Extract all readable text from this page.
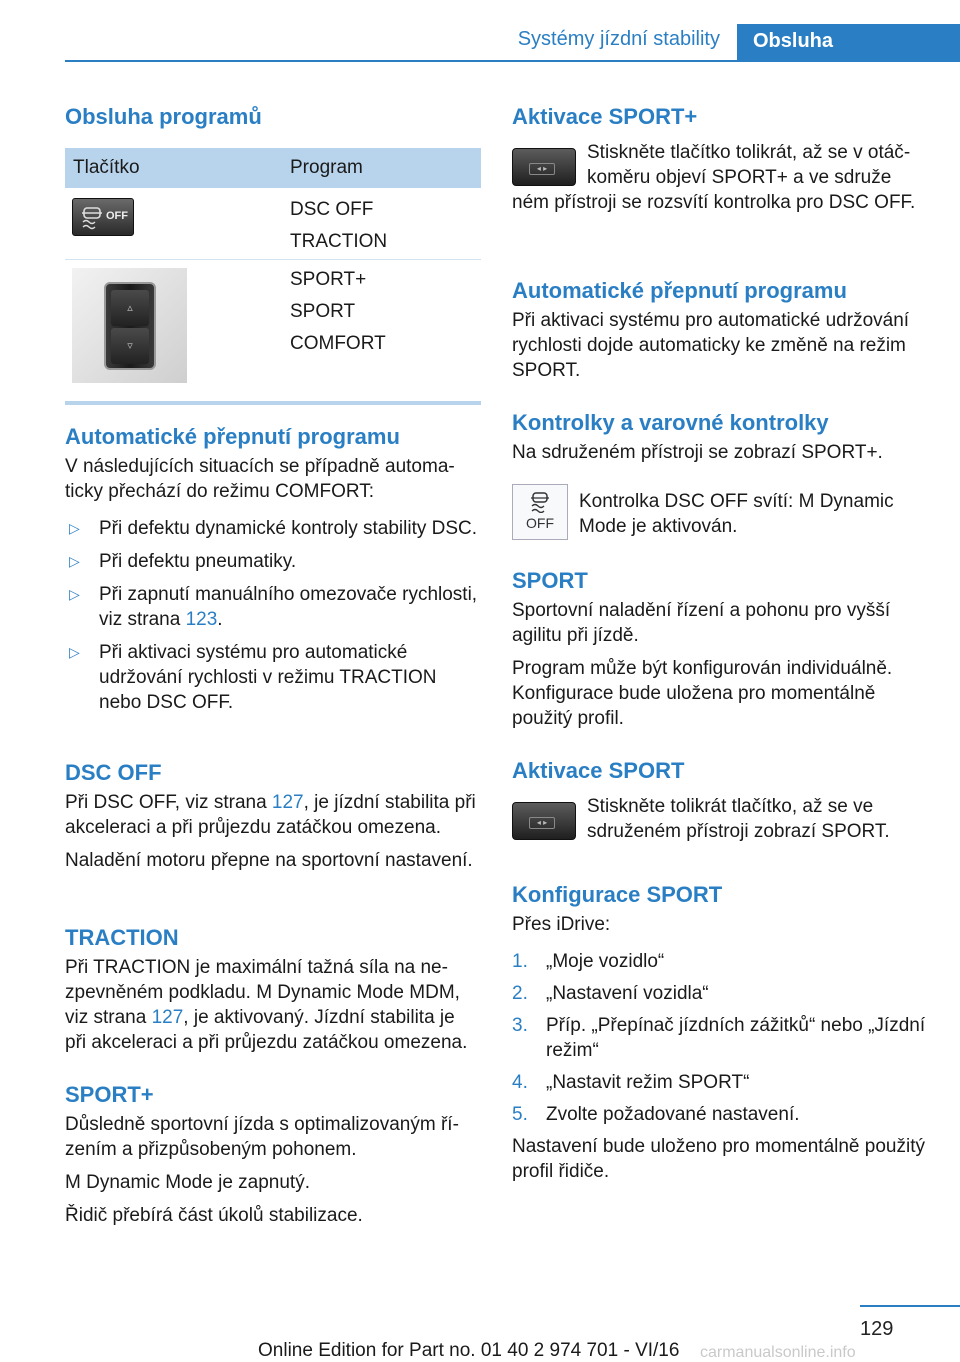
Systémy jízdní stability	Obsluha
Obsluha programů
Tlačítko	Program
OFF	DSC OFF
TRACTION
▵
▿
SPORT+
SPORT
COMFORT
Automatické přepnutí programu
V následujících situacích se případně automaticky přechází do režimu COMFORT:
▷ Při defektu dynamické kontroly stability DSC.
▷ Při defektu pneumatiky.
▷ Při zapnutí manuálního omezovače rychlosti, viz strana 123.
▷ Při aktivaci systému pro automatické udržování rychlosti v režimu TRACTION nebo DSC OFF.
DSC OFF
Při DSC OFF, viz strana 127, je jízdní stabilita při akceleraci a při průjezdu zatáčkou omezena.
Naladění motoru přepne na sportovní nastavení.
TRACTION
Při TRACTION je maximální tažná síla na nezpevněném podkladu. M Dynamic Mode MDM, viz strana 127, je aktivovaný. Jízdní stabilita je při akceleraci a při průjezdu zatáčkou omezena.
SPORT+
Důsledně sportovní jízda s optimalizovaným řízením a přizpůsobeným pohonem.
M Dynamic Mode je zapnutý.
Řidič přebírá část úkolů stabilizace.
Aktivace SPORT+
◂ ▸
Stiskněte tlačítko tolikrát, až se v otáčkoměru objeví SPORT+ a ve sdruže
ném přístroji se rozsvítí kontrolka pro DSC OFF.
Automatické přepnutí programu
Při aktivaci systému pro automatické udržování rychlosti dojde automaticky ke změně na režim SPORT.
Kontrolky a varovné kontrolky
Na sdruženém přístroji se zobrazí SPORT+.
OFF
Kontrolka DSC OFF svítí: M Dynamic Mode je aktivován.
SPORT
Sportovní naladění řízení a pohonu pro vyšší agilitu při jízdě.
Program může být konfigurován individuálně. Konfigurace bude uložena pro momentálně použitý profil.
Aktivace SPORT
◂ ▸
Stiskněte tolikrát tlačítko, až se ve sdruženém přístroji zobrazí SPORT.
Konfigurace SPORT
Přes iDrive:
1. „Moje vozidlo“
2. „Nastavení vozidla“
3. Příp. „Přepínač jízdních zážitků“ nebo „Jízdní režim“
4. „Nastavit režim SPORT“
5. Zvolte požadované nastavení.
Nastavení bude uloženo pro momentálně použitý profil řidiče.
129
Online Edition for Part no. 01 40 2 974 701 - VI/16 carmanualsonline.info
